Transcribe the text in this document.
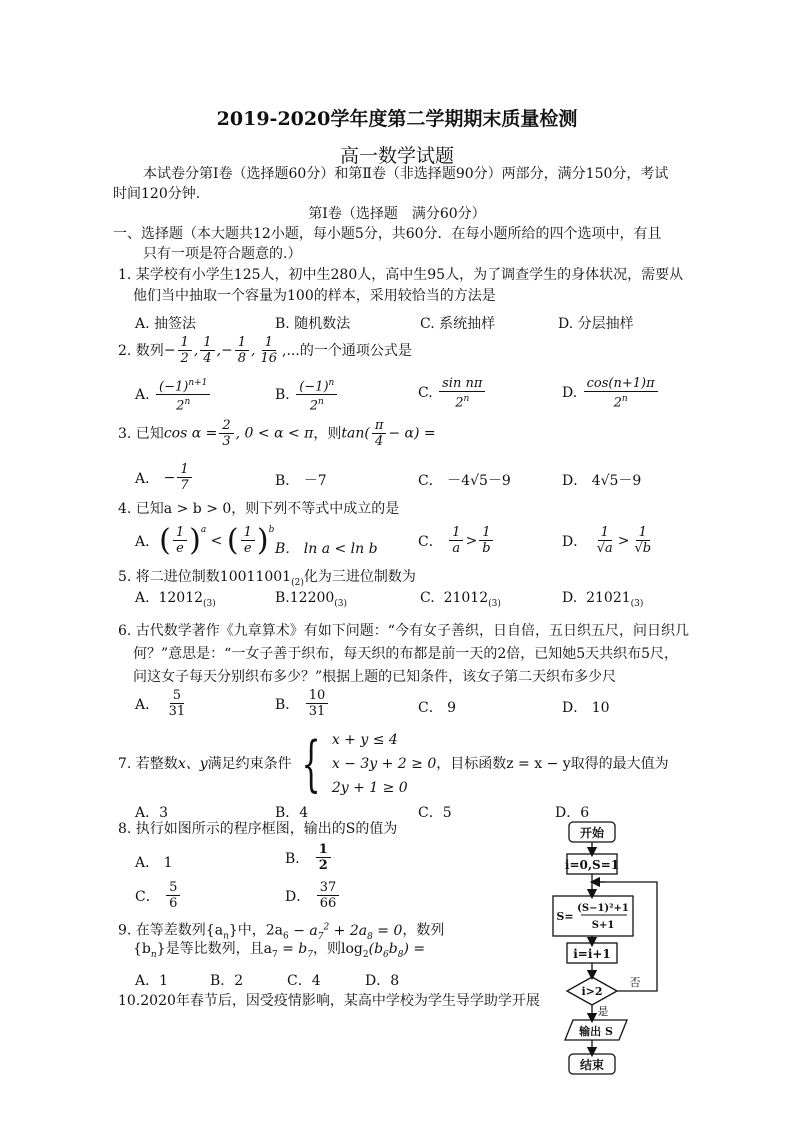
2019-2020学年度第二学期期末质量检测
高一数学试题
本试卷分第Ⅰ卷（选择题60分）和第Ⅱ卷（非选择题90分）两部分，满分150分，考试
时间120分钟.
第Ⅰ卷（选择题　满分60分）
一、选择题（本大题共12小题，每小题5分，共60分．在每小题所给的四个选项中，有且
只有一项是符合题意的.）
1. 某学校有小学生125人，初中生280人，高中生95人，为了调查学生的身体状况，需要从
他们当中抽取一个容量为100的样本，采用较恰当的方法是
A. 抽签法	B. 随机数法	C. 系统抽样	D. 分层抽样
2. 数列 − $\frac{1}{2}$ , $\frac{1}{4}$ ,− $\frac{1}{8}$ , $\frac{1}{16}$ ,...的一个通项公式是
A.
$\frac{(-1)^{n+1}}{2^n}$	B.
$\frac{(-1)^n}{2^n}$	C.
$\frac{\text{sin nπ}}{2^n}$	D.
$\frac{\cos(n+1)\pi}{2^n}$
3. 已知 $\cos \alpha = \frac{2}{3}$ , 0 < α < π ，则 $\tan( \frac{\pi}{4} - \alpha)$ =
A． − $\frac{1}{7}$	B． －7	C． －4√5－9	D． 4√5－9
4. 已知a > b > 0，则下列不等式中成立的是
A． ( $\frac{1}{e} )^a$
< ( $\frac{1}{e} )^b$
B． ln a < ln b	C．
$\frac{1}{a} > \frac{1}{b}$	D．
$\frac{1}{√a} > \frac{1}{√b}$
5. 将二进位制数$10011001_{(2)}$化为三进位制数为
A. $12012_{(3)}$	$B.12200_{(3)}$	C. $21012_{(3)}$	D. $21021_{(3)}$
6. 古代数学著作《九章算术》有如下问题：“今有女子善织，日自倍，五日织五尺，问日织几
何？”意思是：“一女子善于织布，每天织的布都是前一天的2倍，已知她5天共织布5尺，
问这女子每天分别织布多少？”根据上题的已知条件，该女子第二天织布多少尺
A．
$\frac{5}{31}$	B．
$\frac{10}{31}$	C． 9	D． 10
7. 若整数 x、y 满足约束条件 { x + y ≤ 4
x − 3y + 2 ≥ 0
2y + 1 ≥ 0
，目标函数z = x − y取得的最大值为
A．3	B．4	C．5	D．6
8. 执行如图所示的程序框图，输出的S的值为
A． 1	B．
$\frac{1}{2}$
C．
$\frac{5}{6}$	D．
$\frac{37}{66}$
9. 在等差数列$\{a_n\}$中，$2a_6 - a_7^2 + 2a_8 = 0$，数列
$\{b_n\}$是等比数列，且$a_7 = b_7$，则$\log_2(b_6b_8)$ =
A．1	B．2	C．4	D．8
10.2020年春节后，因受疫情影响，某高中学校为学生导学助学开展
开始
i=0,S=1
S=
(S−1)²+1
S+1
i=i+1
i>2
否
是
输出 S
结束
